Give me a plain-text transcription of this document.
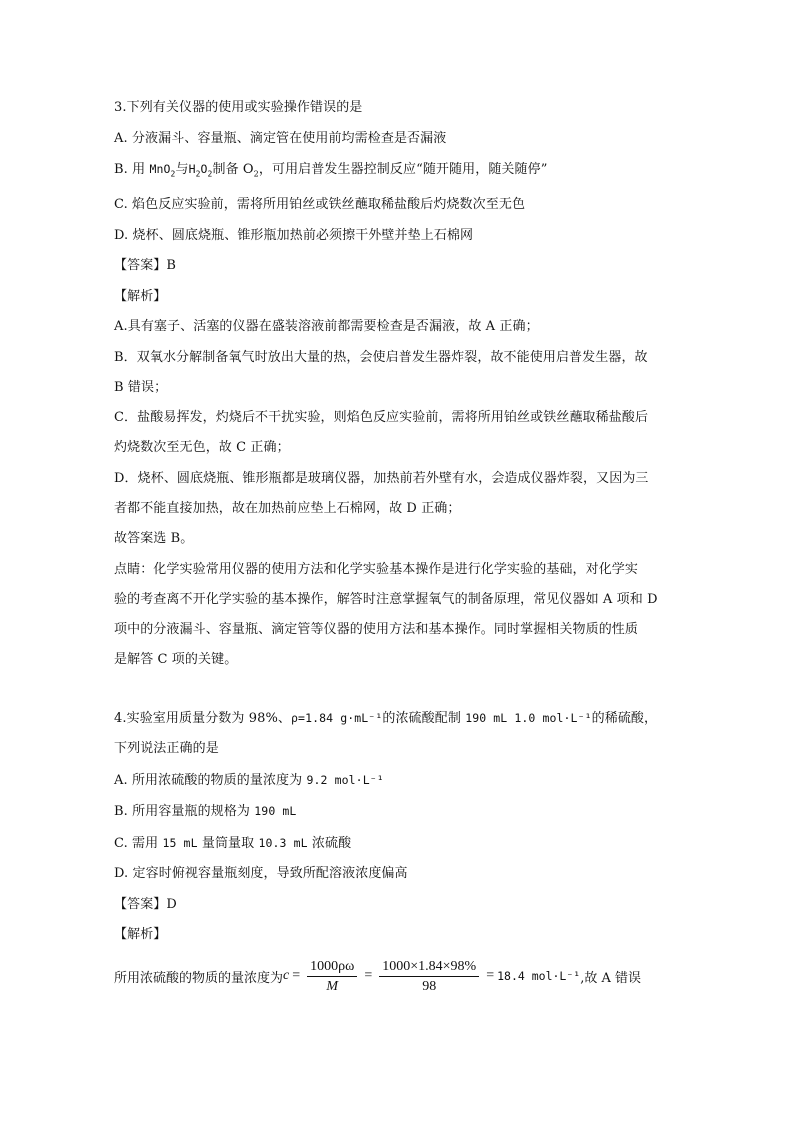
3.下列有关仪器的使用或实验操作错误的是
A. 分液漏斗、容量瓶、滴定管在使用前均需检查是否漏液
B. 用 MnO$_2$与$H_2O_2$制备 $O_2$，可用启普发生器控制反应“随开随用，随关随停”
C. 焰色反应实验前，需将所用铂丝或铁丝蘸取稀盐酸后灼烧数次至无色
D. 烧杯、圆底烧瓶、锥形瓶加热前必须擦干外壁并垫上石棉网
【答案】B
【解析】
A.具有塞子、活塞的仪器在盛装溶液前都需要检查是否漏液，故 A 正确；
B．双氧水分解制备氧气时放出大量的热，会使启普发生器炸裂，故不能使用启普发生器，故
B 错误；
C．盐酸易挥发，灼烧后不干扰实验，则焰色反应实验前，需将所用铂丝或铁丝蘸取稀盐酸后
灼烧数次至无色，故 C 正确；
D．烧杯、圆底烧瓶、锥形瓶都是玻璃仪器，加热前若外壁有水，会造成仪器炸裂，又因为三
者都不能直接加热，故在加热前应垫上石棉网，故 D 正确；
故答案选 B。
点睛：化学实验常用仪器的使用方法和化学实验基本操作是进行化学实验的基础，对化学实
验的考查离不开化学实验的基本操作，解答时注意掌握氧气的制备原理，常见仪器如 A 项和 D
项中的分液漏斗、容量瓶、滴定管等仪器的使用方法和基本操作。同时掌握相关物质的性质
是解答 C 项的关键。
4.实验室用质量分数为 98%、ρ=1.84 g·mL⁻¹的浓硫酸配制 190 mL 1.0 mol·L⁻¹的稀硫酸，
下列说法正确的是
A. 所用浓硫酸的物质的量浓度为 9.2 mol·L⁻¹
B. 所用容量瓶的规格为 190 mL
C. 需用 15 mL 量筒量取 10.3 mL 浓硫酸
D. 定容时俯视容量瓶刻度，导致所配溶液浓度偏高
【答案】D
【解析】
所用浓硫酸的物质的量浓度为 $c = \frac{1000\rho\omega}{M} = \frac{1000\times 1.84\times 98\%}{98} = 18.4$ mol·L⁻¹ ,故 A 错误
